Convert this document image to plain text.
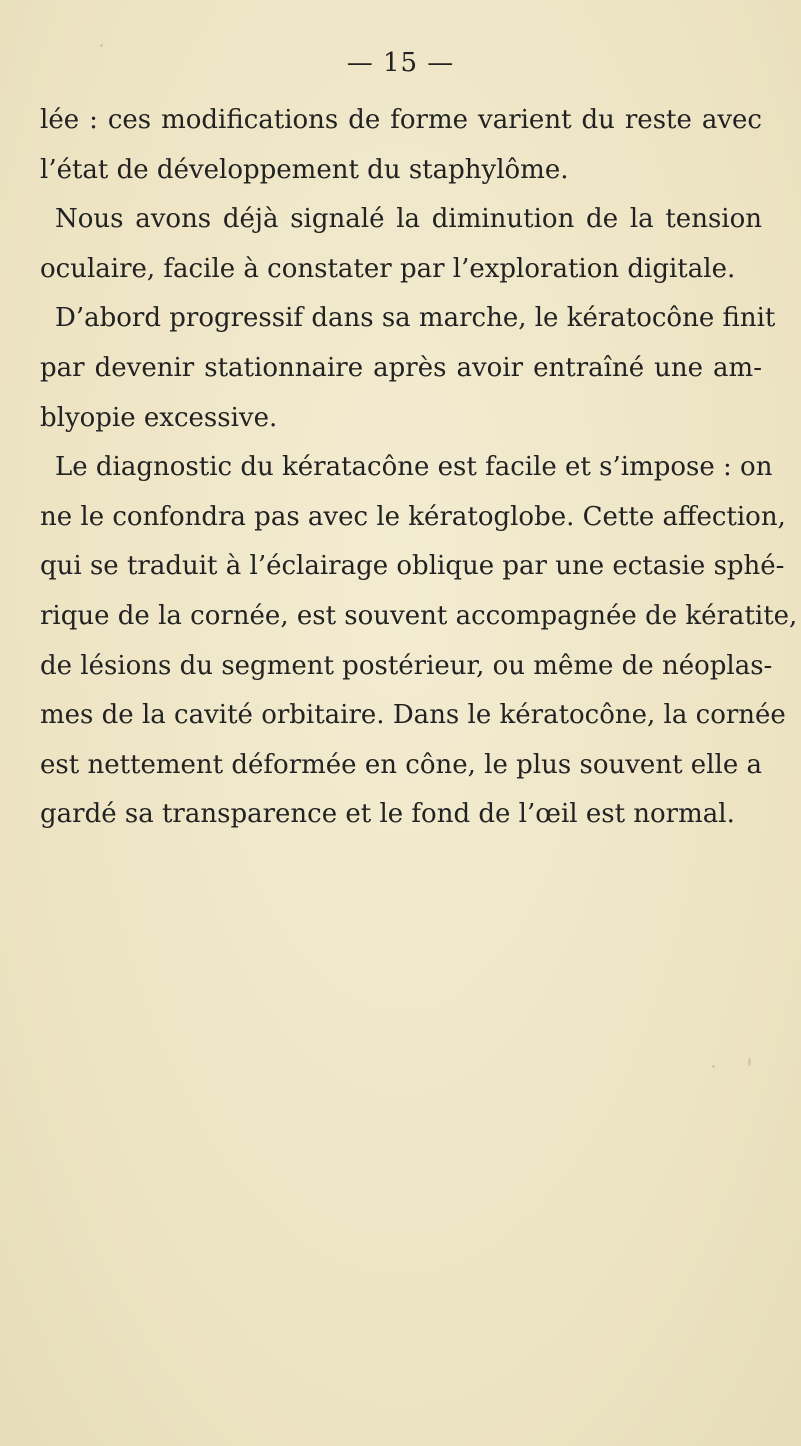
— 15 —
lée : ces modifications de forme varient du reste avec
l’état de développement du staphylôme.
Nous avons déjà signalé la diminution de la tension
oculaire, facile à constater par l’exploration digitale.
D’abord progressif dans sa marche, le kératocône finit
par devenir stationnaire après avoir entraîné une am-
blyopie excessive.
Le diagnostic du kératacône est facile et s’impose : on
ne le confondra pas avec le kératoglobe. Cette affection,
qui se traduit à l’éclairage oblique par une ectasie sphé-
rique de la cornée, est souvent accompagnée de kératite,
de lésions du segment postérieur, ou même de néoplas-
mes de la cavité orbitaire. Dans le kératocône, la cornée
est nettement déformée en cône, le plus souvent elle a
gardé sa transparence et le fond de l’œil est normal.
